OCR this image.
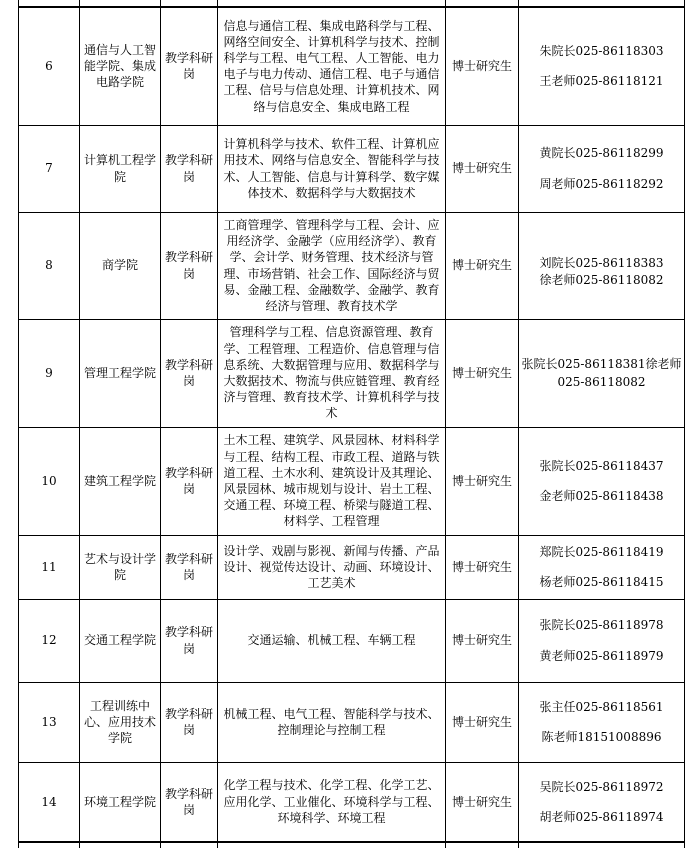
6	通信与人工智能学院、集成电路学院	教学科研岗	信息与通信工程、集成电路科学与工程、网络空间安全、计算机科学与技术、控制科学与工程、电气工程、人工智能、电力电子与电力传动、通信工程、电子与通信工程、信号与信息处理、计算机技术、网络与信息安全、集成电路工程	博士研究生	朱院长025-86118303
王老师025-86118121

7	计算机工程学院	教学科研岗	计算机科学与技术、软件工程、计算机应用技术、网络与信息安全、智能科学与技术、人工智能、信息与计算科学、数字媒体技术、数据科学与大数据技术	博士研究生	黄院长025-86118299
周老师025-86118292

8	商学院	教学科研岗	工商管理学、管理科学与工程、会计、应用经济学、金融学（应用经济学）、教育学、会计学、财务管理、技术经济与管理、市场营销、社会工作、国际经济与贸易、金融工程、金融数学、金融学、教育经济与管理、教育技术学	博士研究生	刘院长025-86118383
徐老师025-86118082

9	管理工程学院	教学科研岗	管理科学与工程、信息资源管理、教育学、工程管理、工程造价、信息管理与信息系统、大数据管理与应用、数据科学与大数据技术、物流与供应链管理、教育经济与管理、教育技术学、计算机科学与技术	博士研究生	张院长025-86118381徐老师
025-86118082

10	建筑工程学院	教学科研岗	土木工程、建筑学、风景园林、材料科学与工程、结构工程、市政工程、道路与铁道工程、土木水利、建筑设计及其理论、风景园林、城市规划与设计、岩土工程、交通工程、环境工程、桥梁与隧道工程、材料学、工程管理	博士研究生	张院长025-86118437
金老师025-86118438

11	艺术与设计学院	教学科研岗	设计学、戏剧与影视、新闻与传播、产品设计、视觉传达设计、动画、环境设计、工艺美术	博士研究生	郑院长025-86118419
杨老师025-86118415

12	交通工程学院	教学科研岗	交通运输、机械工程、车辆工程	博士研究生	张院长025-86118978
黄老师025-86118979

13	工程训练中心、应用技术学院	教学科研岗	机械工程、电气工程、智能科学与技术、控制理论与控制工程	博士研究生	张主任025-86118561
陈老师18151008896

14	环境工程学院	教学科研岗	化学工程与技术、化学工程、化学工艺、应用化学、工业催化、环境科学与工程、环境科学、环境工程	博士研究生	吴院长025-86118972
胡老师025-86118974
